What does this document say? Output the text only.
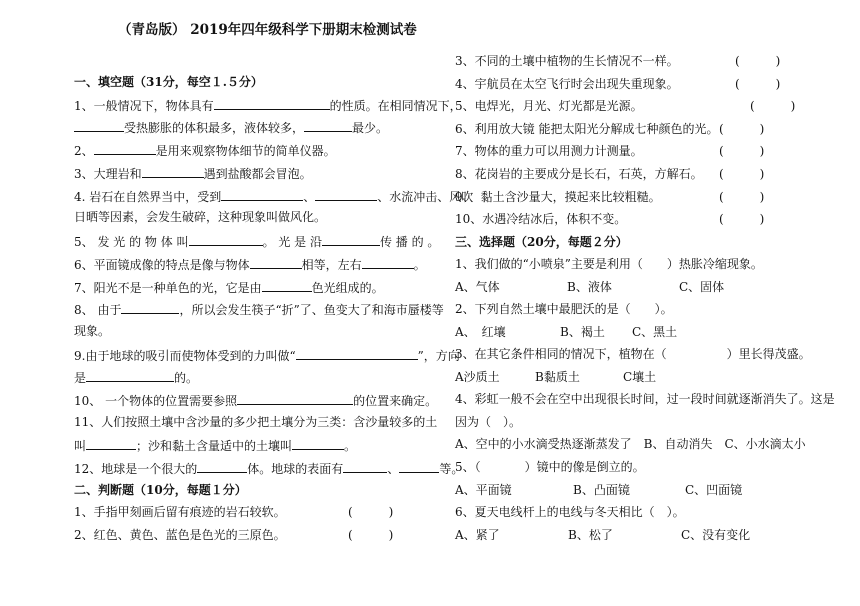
（青岛版） 2019年四年级科学下册期末检测试卷
一、填空题（31分，每空１.５分）
1、一般情况下，物体具有	的性质。在相同情况下，
受热膨胀的体积最多，液体较多，	最少。
2、	是用来观察物体细节的简单仪器。
3、大理岩和	遇到盐酸都会冒泡。
4. 岩石在自然界当中，受到	、	、水流冲击、风吹
日晒等因素，会发生破碎，这种现象叫做风化。
5、 发 光 的 物 体 叫	。 光 是 沿	传 播 的 。
6、平面镜成像的特点是像与物体	相等，左右	。
7、阳光不是一种单色的光，它是由	色光组成的。
8、 由于	，所以会发生筷子“折”了、鱼变大了和海市蜃楼等
现象。
9.由于地球的吸引而使物体受到的力叫做“	”，方向
是	的。
10、 一个物体的位置需要参照	的位置来确定。
11、人们按照土壤中含沙量的多少把土壤分为三类：含沙量较多的土
叫	；沙和黏土含量适中的土壤叫	。
12、地球是一个很大的	体。地球的表面有	、	等。
二、判断题（10分，每题１分）
1、手指甲刻画后留有痕迹的岩石较软。	(　　　)
2、红色、黄色、蓝色是色光的三原色。	(　　　)
3、不同的土壤中植物的生长情况不一样。	(　　　)
4、宇航员在太空飞行时会出现失重现象。	(　　　)
5、电焊光，月光、灯光都是光源。	(　　　)
6、利用放大镜 能把太阳光分解成七种颜色的光。 (　　　)
7、物体的重力可以用测力计测量。	(　　　)
8、花岗岩的主要成分是长石，石英，方解石。 (　　　)
9、　黏土含沙量大，摸起来比较粗糙。	(　　　)
10、水遇冷结冰后，体积不变。	(　　　)
三、选择题（20分，每题２分）
1、我们做的“小喷泉”主要是利用（　　）热胀冷缩现象。
A、气体	B、液体	C、固体
2、下列自然土壤中最肥沃的是（　　）。
A、　红壤	B、褐土 C、黑土
3、在其它条件相同的情况下，植物在（	）里长得茂盛。
A沙质土	B黏质土	C壤土
4、彩虹一般不会在空中出现很长时间，过一段时间就逐渐消失了。这是
因为（　）。
A、空中的小水滴受热逐渐蒸发了　B、自动消失　C、小水滴太小
5、（	）镜中的像是倒立的。
A、平面镜	B、凸面镜	C、凹面镜
6、夏天电线杆上的电线与冬天相比（　）。
A、紧了	B、松了	C、没有变化
